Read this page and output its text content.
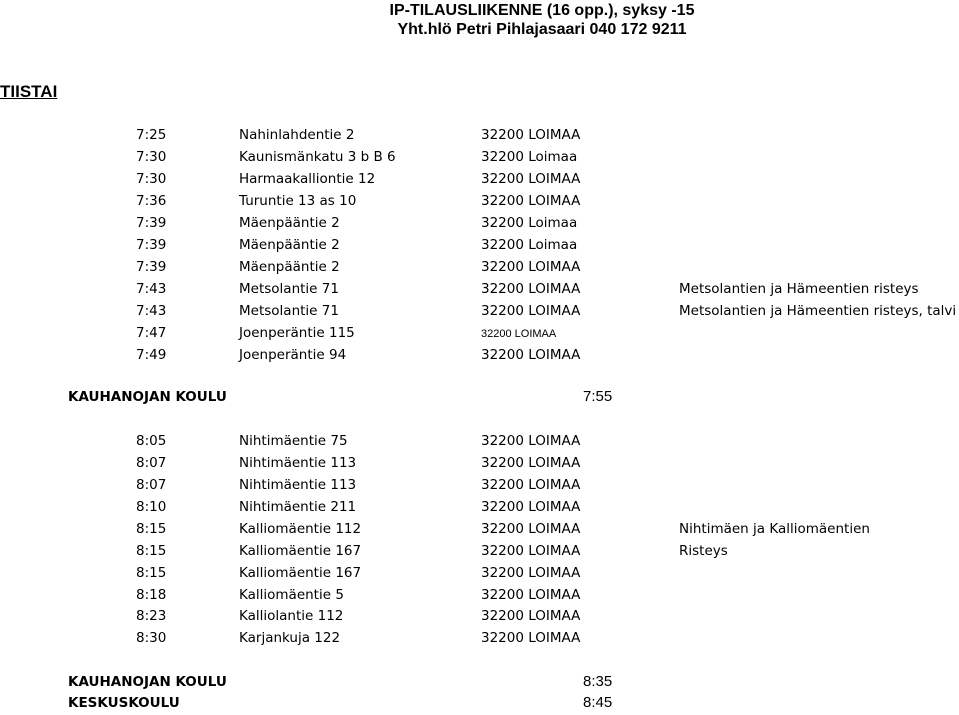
IP-TILAUSLIIKENNE (16 opp.), syksy -15
Yht.hlö Petri Pihlajasaari 040 172 9211
TIISTAI
7:25	Nahinlahdentie 2	32200 LOIMAA
7:30	Kaunismänkatu 3 b B 6	32200 Loimaa
7:30	Harmaakalliontie 12	32200 LOIMAA
7:36	Turuntie 13 as 10	32200 LOIMAA
7:39	Mäenpääntie 2	32200 Loimaa
7:39	Mäenpääntie 2	32200 Loimaa
7:39	Mäenpääntie 2	32200 LOIMAA
7:43	Metsolantie 71	32200 LOIMAA	Metsolantien ja Hämeentien risteys
7:43	Metsolantie 71	32200 LOIMAA	Metsolantien ja Hämeentien risteys, talvi
7:47	Joenperäntie 115	32200 LOIMAA
7:49	Joenperäntie 94	32200 LOIMAA
KAUHANOJAN KOULU	7:55
8:05	Nihtimäentie 75	32200 LOIMAA
8:07	Nihtimäentie 113	32200 LOIMAA
8:07	Nihtimäentie 113	32200 LOIMAA
8:10	Nihtimäentie 211	32200 LOIMAA
8:15	Kalliomäentie 112	32200 LOIMAA	Nihtimäen ja Kalliomäentien
8:15	Kalliomäentie 167	32200 LOIMAA	Risteys
8:15	Kalliomäentie 167	32200 LOIMAA
8:18	Kalliomäentie 5	32200 LOIMAA
8:23	Kalliolantie 112	32200 LOIMAA
8:30	Karjankuja 122	32200 LOIMAA
KAUHANOJAN KOULU	8:35
KESKUSKOULU	8:45
